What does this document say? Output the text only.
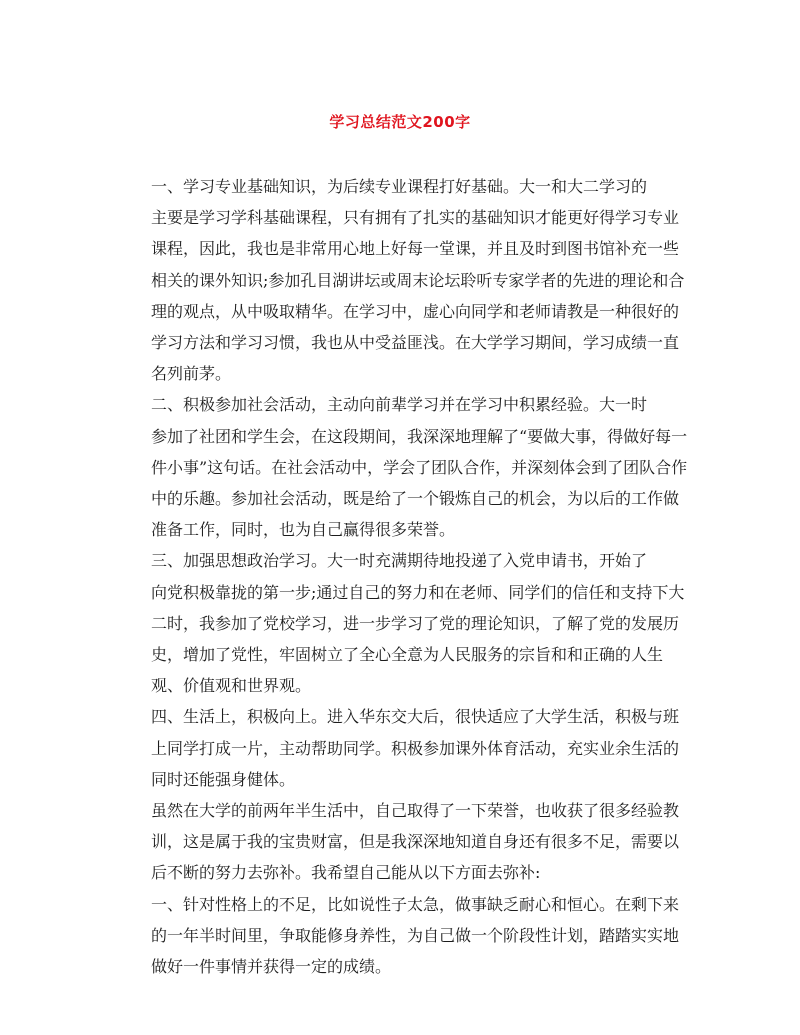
学习总结范文200字

一、学习专业基础知识，为后续专业课程打好基础。大一和大二学习的

主要是学习学科基础课程，只有拥有了扎实的基础知识才能更好得学习专业课程，因此，我也是非常用心地上好每一堂课，并且及时到图书馆补充一些相关的课外知识;参加孔目湖讲坛或周末论坛聆听专家学者的先进的理论和合理的观点，从中吸取精华。在学习中，虚心向同学和老师请教是一种很好的学习方法和学习习惯，我也从中受益匪浅。在大学学习期间，学习成绩一直名列前茅。

二、积极参加社会活动，主动向前辈学习并在学习中积累经验。大一时

参加了社团和学生会，在这段期间，我深深地理解了“要做大事，得做好每一件小事”这句话。在社会活动中，学会了团队合作，并深刻体会到了团队合作中的乐趣。参加社会活动，既是给了一个锻炼自己的机会，为以后的工作做准备工作，同时，也为自己赢得很多荣誉。

三、加强思想政治学习。大一时充满期待地投递了入党申请书，开始了

向党积极靠拢的第一步;通过自己的努力和在老师、同学们的信任和支持下大二时，我参加了党校学习，进一步学习了党的理论知识，了解了党的发展历史，增加了党性，牢固树立了全心全意为人民服务的宗旨和和正确的人生观、价值观和世界观。

四、生活上，积极向上。进入华东交大后，很快适应了大学生活，积极与班上同学打成一片，主动帮助同学。积极参加课外体育活动，充实业余生活的同时还能强身健体。

虽然在大学的前两年半生活中，自己取得了一下荣誉，也收获了很多经验教训，这是属于我的宝贵财富，但是我深深地知道自身还有很多不足，需要以后不断的努力去弥补。我希望自己能从以下方面去弥补:

一、针对性格上的不足，比如说性子太急，做事缺乏耐心和恒心。在剩下来的一年半时间里，争取能修身养性，为自己做一个阶段性计划，踏踏实实地做好一件事情并获得一定的成绩。
